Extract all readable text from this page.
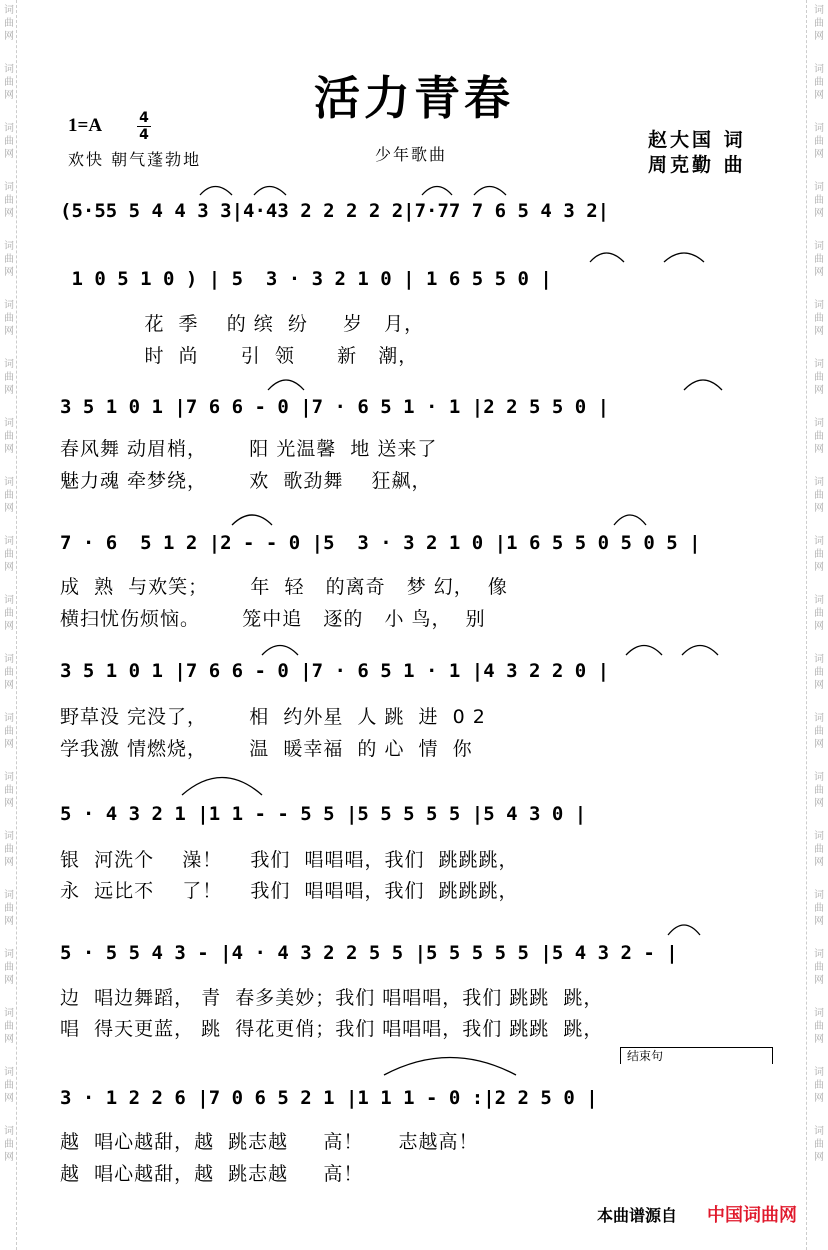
活力青春
1=A	4
4
欢快 朝气蓬勃地	少年歌曲
赵大国 词
周克勤 曲
(5·55 5 4 4 3 3|4·43 2 2 2 2 2|7·77 7 6 5 4 3 2|
1 0 5 1 0 ) | 5  3 · 3 2 1 0 | 1 6 5 5 0 |
花  季    的 缤  纷     岁   月，
时  尚      引  领      新   潮，
3 5 1 0 1 |7 6 6 - 0 |7 · 6 5 1 · 1 |2 2 5 5 0 |
春风舞 动眉梢，      阳 光温馨  地 送来了
魅力魂 牵梦绕，      欢  歌劲舞    狂飙，
7 · 6  5 1 2 |2 - - 0 |5  3 · 3 2 1 0 |1 6 5 5 0 5 0 5 |
成  熟  与欢笑；      年  轻   的离奇   梦 幻，  像
横扫忧伤烦恼。      笼中追   逐的   小 鸟，  别
3 5 1 0 1 |7 6 6 - 0 |7 · 6 5 1 · 1 |4 3 2 2 0 |
野草没 完没了，      相  约外星  人 跳  进  0 2
学我激 情燃烧，      温  暖幸福  的 心  情  你
5 · 4 3 2 1 |1 1 - - 5 5 |5 5 5 5 5 |5 4 3 0 |
银  河洗个    澡！    我们  唱唱唱，我们  跳跳跳，
永  远比不    了！    我们  唱唱唱，我们  跳跳跳，
5 · 5 5 4 3 - |4 · 4 3 2 2 5 5 |5 5 5 5 5 |5 4 3 2 - |
边  唱边舞蹈， 青  春多美妙；我们 唱唱唱，我们 跳跳  跳，
唱  得天更蓝， 跳  得花更俏；我们 唱唱唱，我们 跳跳  跳，
结束句
3 · 1 2 2 6 |7 0 6 5 2 1 |1 1 1 - 0 :|2 2 5 0 |
越  唱心越甜，越  跳志越     高！     志越高！
越  唱心越甜，越  跳志越     高！
本曲谱源自 中国词曲网
词
曲
网
词
曲
网
词
曲
网
词
曲
网
词
曲
网
词
曲
网
词
曲
网
词
曲
网
词
曲
网
词
曲
网
词
曲
网
词
曲
网
词
曲
网
词
曲
网
词
曲
网
词
曲
网
词
曲
网
词
曲
网
词
曲
网
词
曲
网
词
曲
网
词
曲
网
词
曲
网
词
曲
网
词
曲
网
词
曲
网
词
曲
网
词
曲
网
词
曲
网
词
曲
网
词
曲
网
词
曲
网
词
曲
网
词
曲
网
词
曲
网
词
曲
网
词
曲
网
词
曲
网
词
曲
网
词
曲
网
